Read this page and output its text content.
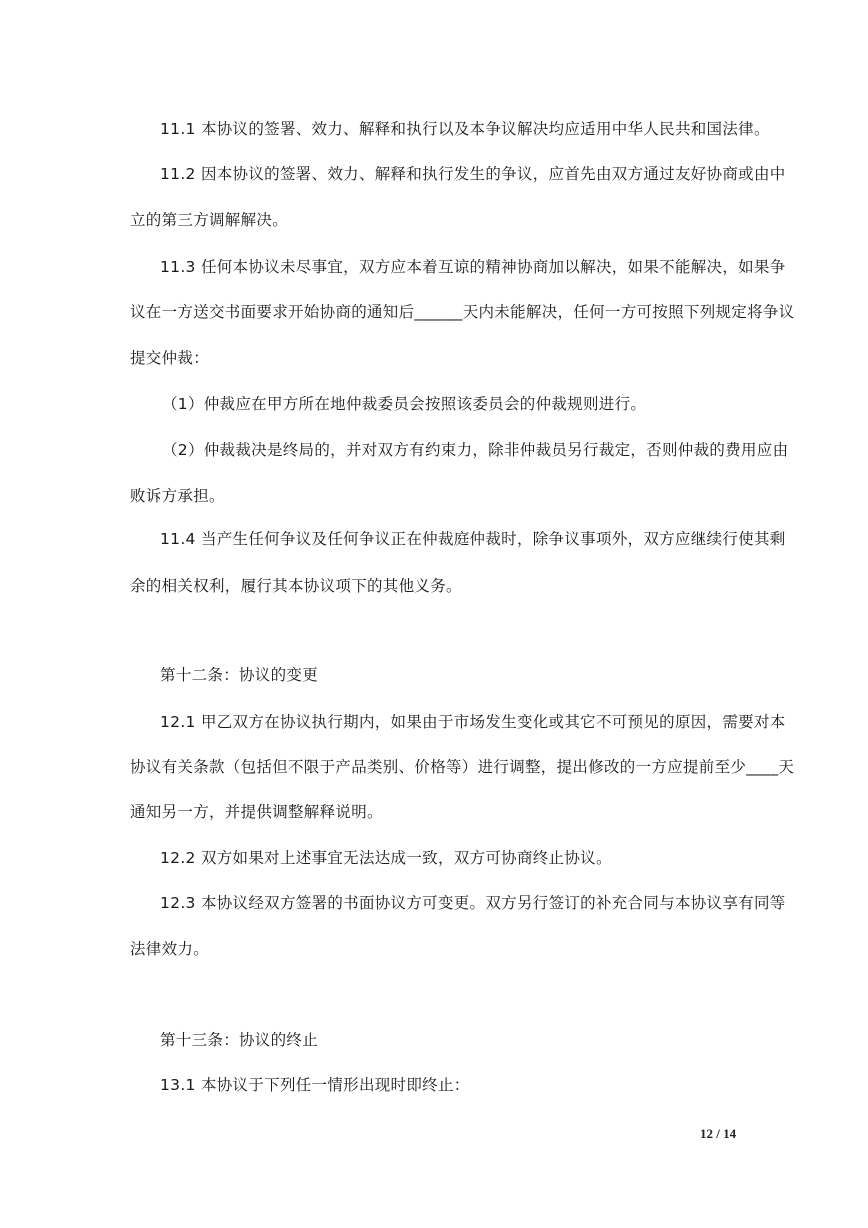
11.1 本协议的签署、效力、解释和执行以及本争议解决均应适用中华人民共和国法律。
11.2 因本协议的签署、效力、解释和执行发生的争议，应首先由双方通过友好协商或由中
立的第三方调解解决。
11.3 任何本协议未尽事宜，双方应本着互谅的精神协商加以解决，如果不能解决，如果争
议在一方送交书面要求开始协商的通知后______天内未能解决，任何一方可按照下列规定将争议
提交仲裁：
（1）仲裁应在甲方所在地仲裁委员会按照该委员会的仲裁规则进行。
（2）仲裁裁决是终局的，并对双方有约束力，除非仲裁员另行裁定，否则仲裁的费用应由
败诉方承担。
11.4 当产生任何争议及任何争议正在仲裁庭仲裁时，除争议事项外，双方应继续行使其剩
余的相关权利，履行其本协议项下的其他义务。
第十二条：协议的变更
12.1 甲乙双方在协议执行期内，如果由于市场发生变化或其它不可预见的原因，需要对本
协议有关条款（包括但不限于产品类别、价格等）进行调整，提出修改的一方应提前至少____天
通知另一方，并提供调整解释说明。
12.2 双方如果对上述事宜无法达成一致，双方可协商终止协议。
12.3 本协议经双方签署的书面协议方可变更。双方另行签订的补充合同与本协议享有同等
法律效力。
第十三条：协议的终止
13.1 本协议于下列任一情形出现时即终止：
12 / 14
